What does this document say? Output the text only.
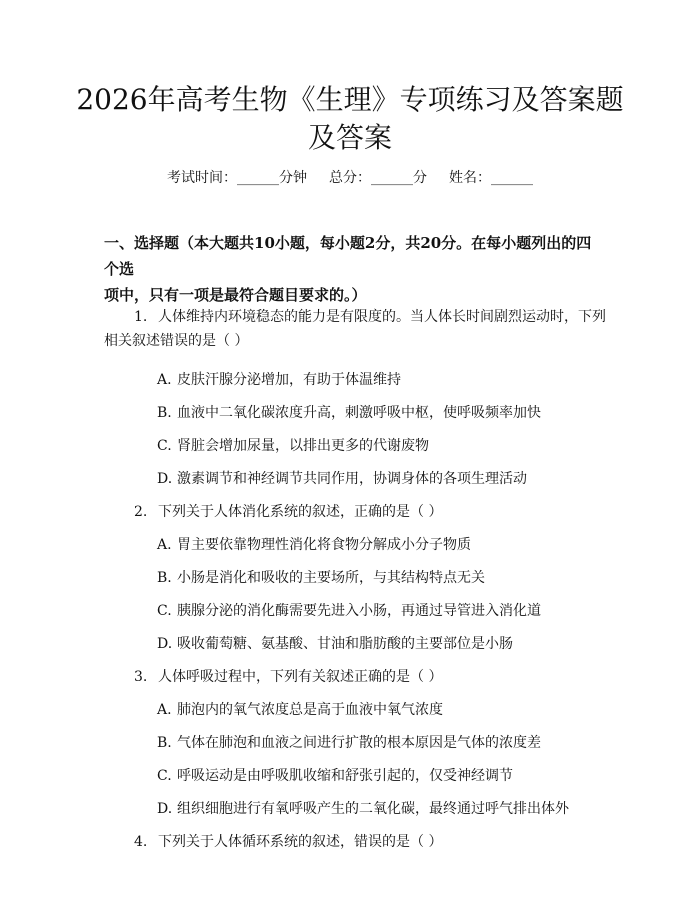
2026年高考生物《生理》专项练习及答案题
及答案
考试时间：______分钟 总分：______分 姓名：______
一、选择题（本大题共10小题，每小题2分，共20分。在每小题列出的四个选
项中，只有一项是最符合题目要求的。）
1. 人体维持内环境稳态的能力是有限度的。当人体长时间剧烈运动时，下列
相关叙述错误的是（ ）
A. 皮肤汗腺分泌增加，有助于体温维持
B. 血液中二氧化碳浓度升高，刺激呼吸中枢，使呼吸频率加快
C. 肾脏会增加尿量，以排出更多的代谢废物
D. 激素调节和神经调节共同作用，协调身体的各项生理活动
2. 下列关于人体消化系统的叙述，正确的是（ ）
A. 胃主要依靠物理性消化将食物分解成小分子物质
B. 小肠是消化和吸收的主要场所，与其结构特点无关
C. 胰腺分泌的消化酶需要先进入小肠，再通过导管进入消化道
D. 吸收葡萄糖、氨基酸、甘油和脂肪酸的主要部位是小肠
3. 人体呼吸过程中，下列有关叙述正确的是（ ）
A. 肺泡内的氧气浓度总是高于血液中氧气浓度
B. 气体在肺泡和血液之间进行扩散的根本原因是气体的浓度差
C. 呼吸运动是由呼吸肌收缩和舒张引起的，仅受神经调节
D. 组织细胞进行有氧呼吸产生的二氧化碳，最终通过呼气排出体外
4. 下列关于人体循环系统的叙述，错误的是（ ）
